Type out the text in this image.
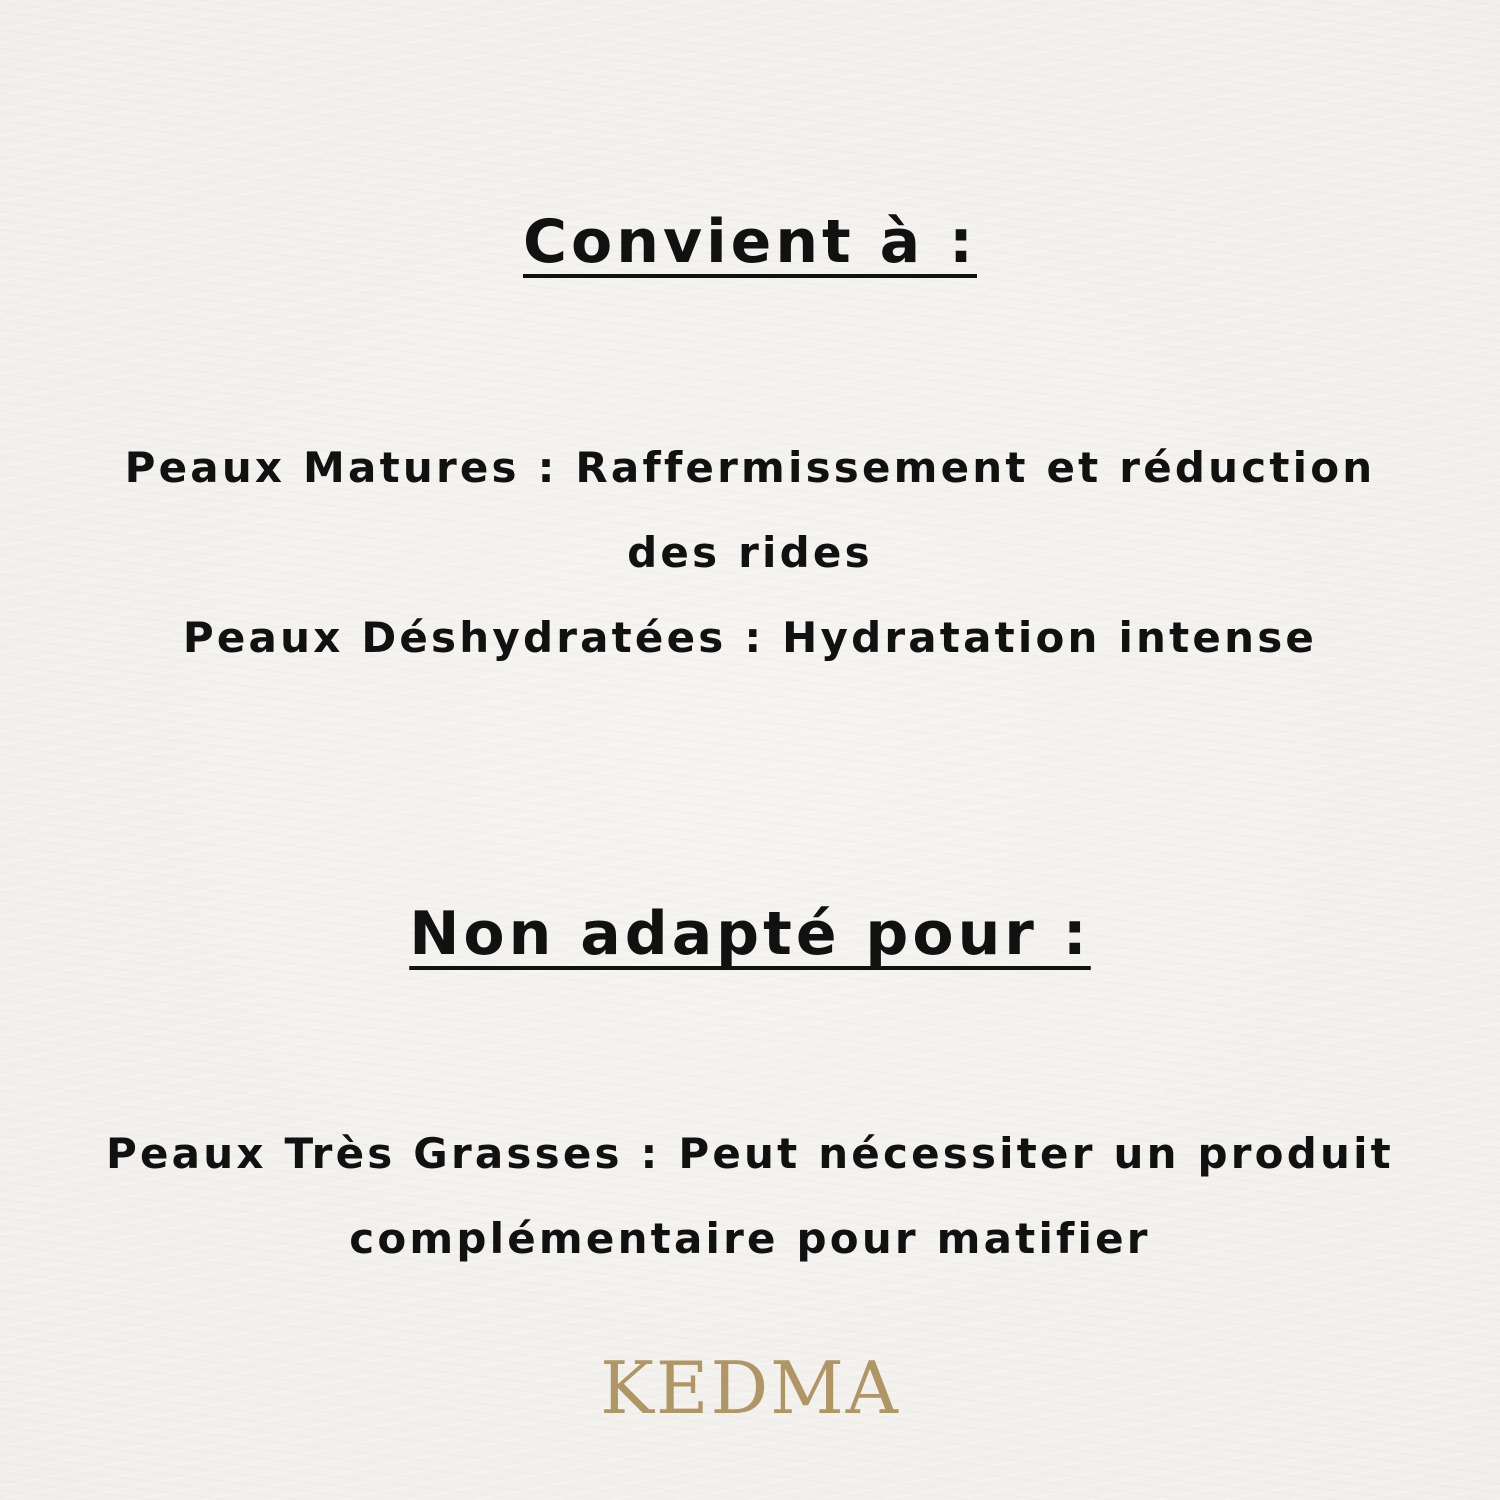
Convient à :
Peaux Matures : Raffermissement et réduction
des rides
Peaux Déshydratées : Hydratation intense
Non adapté pour :
Peaux Très Grasses : Peut nécessiter un produit
complémentaire pour matifier
KEDMA
